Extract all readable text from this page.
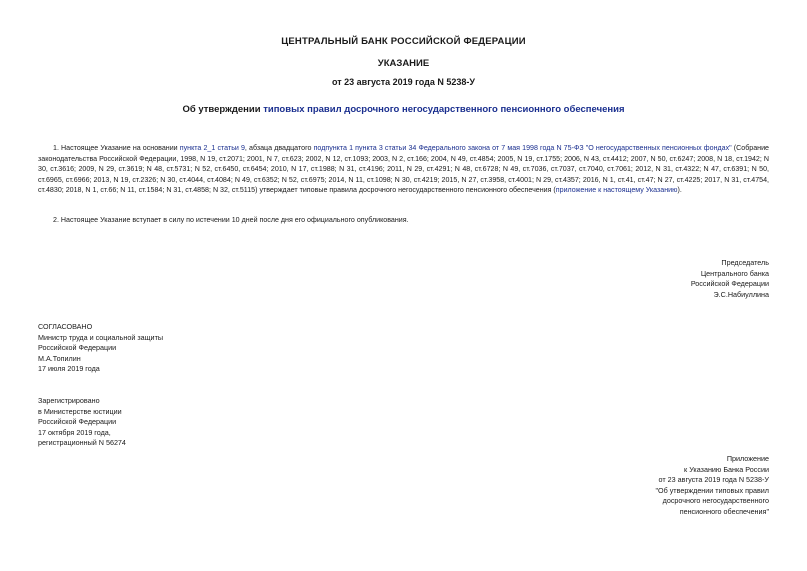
ЦЕНТРАЛЬНЫЙ БАНК РОССИЙСКОЙ ФЕДЕРАЦИИ
УКАЗАНИЕ
от 23 августа 2019 года N 5238-У
Об утверждении типовых правил досрочного негосударственного пенсионного обеспечения
1. Настоящее Указание на основании пункта 2_1 статьи 9, абзаца двадцатого подпункта 1 пункта 3 статьи 34 Федерального закона от 7 мая 1998 года N 75-ФЗ "О негосударственных пенсионных фондах" (Собрание законодательства Российской Федерации, 1998, N 19, ст.2071; 2001, N 7, ст.623; 2002, N 12, ст.1093; 2003, N 2, ст.166; 2004, N 49, ст.4854; 2005, N 19, ст.1755; 2006, N 43, ст.4412; 2007, N 50, ст.6247; 2008, N 18, ст.1942; N 30, ст.3616; 2009, N 29, ст.3619; N 48, ст.5731; N 52, ст.6450, ст.6454; 2010, N 17, ст.1988; N 31, ст.4196; 2011, N 29, ст.4291; N 48, ст.6728; N 49, ст.7036, ст.7037, ст.7040, ст.7061; 2012, N 31, ст.4322; N 47, ст.6391; N 50, ст.6965, ст.6966; 2013, N 19, ст.2326; N 30, ст.4044, ст.4084; N 49, ст.6352; N 52, ст.6975; 2014, N 11, ст.1098; N 30, ст.4219; 2015, N 27, ст.3958, ст.4001; N 29, ст.4357; 2016, N 1, ст.41, ст.47; N 27, ст.4225; 2017, N 31, ст.4754, ст.4830; 2018, N 1, ст.66; N 11, ст.1584; N 31, ст.4858; N 32, ст.5115) утверждает типовые правила досрочного негосударственного пенсионного обеспечения (приложение к настоящему Указанию).
2. Настоящее Указание вступает в силу по истечении 10 дней после дня его официального опубликования.
Председатель
Центрального банка
Российской Федерации
Э.С.Набиуллина
СОГЛАСОВАНО
Министр труда и социальной защиты
Российской Федерации
М.А.Топилин
17 июля 2019 года
Зарегистрировано
в Министерстве юстиции
Российской Федерации
17 октября 2019 года,
регистрационный N 56274
Приложение
к Указанию Банка России
от 23 августа 2019 года N 5238-У
"Об утверждении типовых правил
досрочного негосударственного
пенсионного обеспечения"
